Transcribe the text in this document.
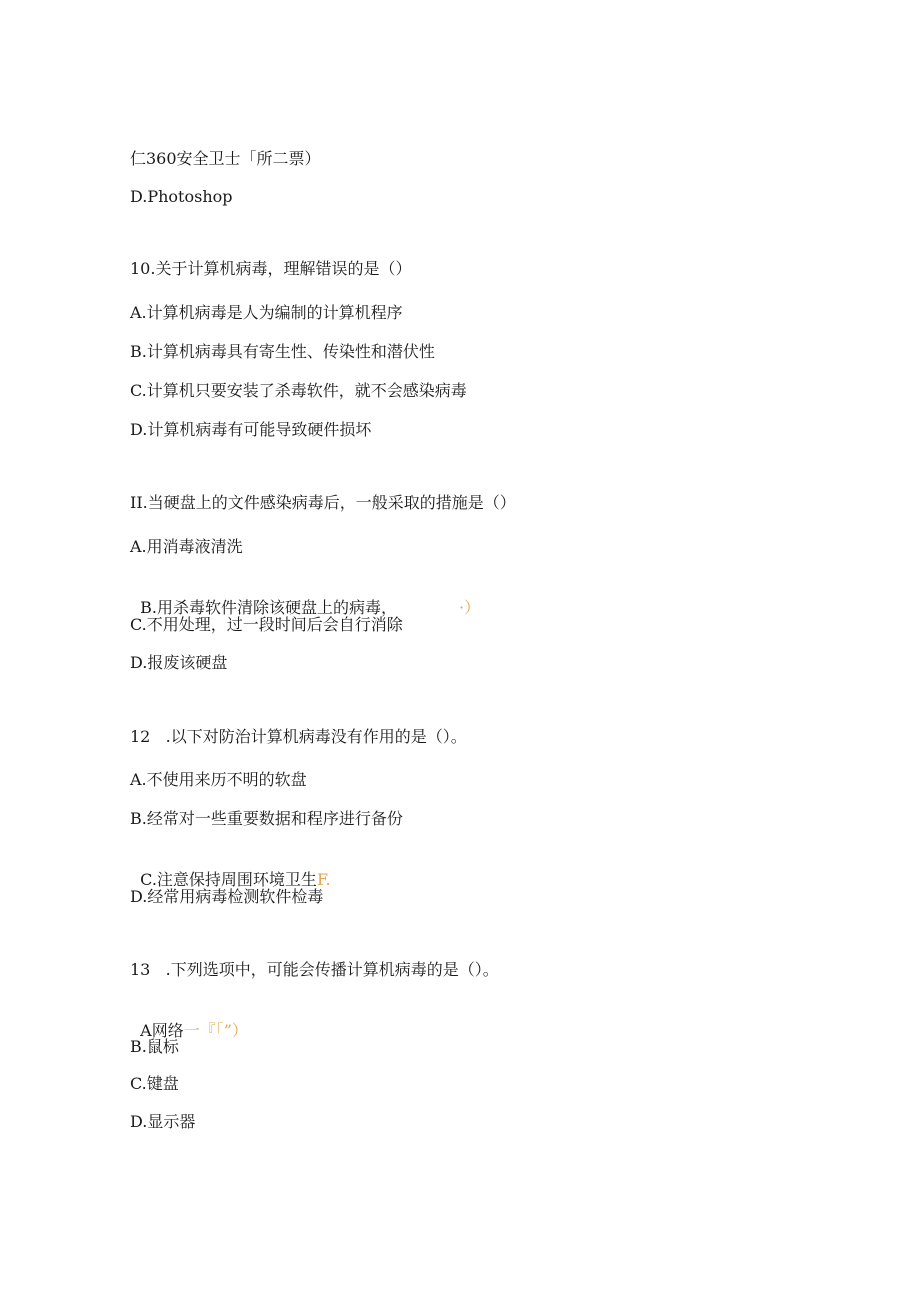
仁360安全卫士「所二票）
D.Photoshop
10.关于计算机病毒，理解错误的是（）
A.计算机病毒是人为编制的计算机程序
B.计算机病毒具有寄生性、传染性和潜伏性
C.计算机只要安装了杀毒软件，就不会感染病毒
D.计算机病毒有可能导致硬件损坏
II.当硬盘上的文件感染病毒后，一般采取的措施是（）
A.用消毒液清洗

B.用杀毒软件清除该硬盘上的病毒，	·）

C.不用处理，过一段时间后会自行消除
D.报废该硬盘
12   .以下对防治计算机病毒没有作用的是（）。
A.不使用来历不明的软盘
B.经常对一些重要数据和程序进行备份

C.注意保持周围环境卫生F.

D.经常用病毒检测软件检毒
13   .下列选项中，可能会传播计算机病毒的是（）。

A网络一『「”）

B.鼠标
C.键盘
D.显示器
